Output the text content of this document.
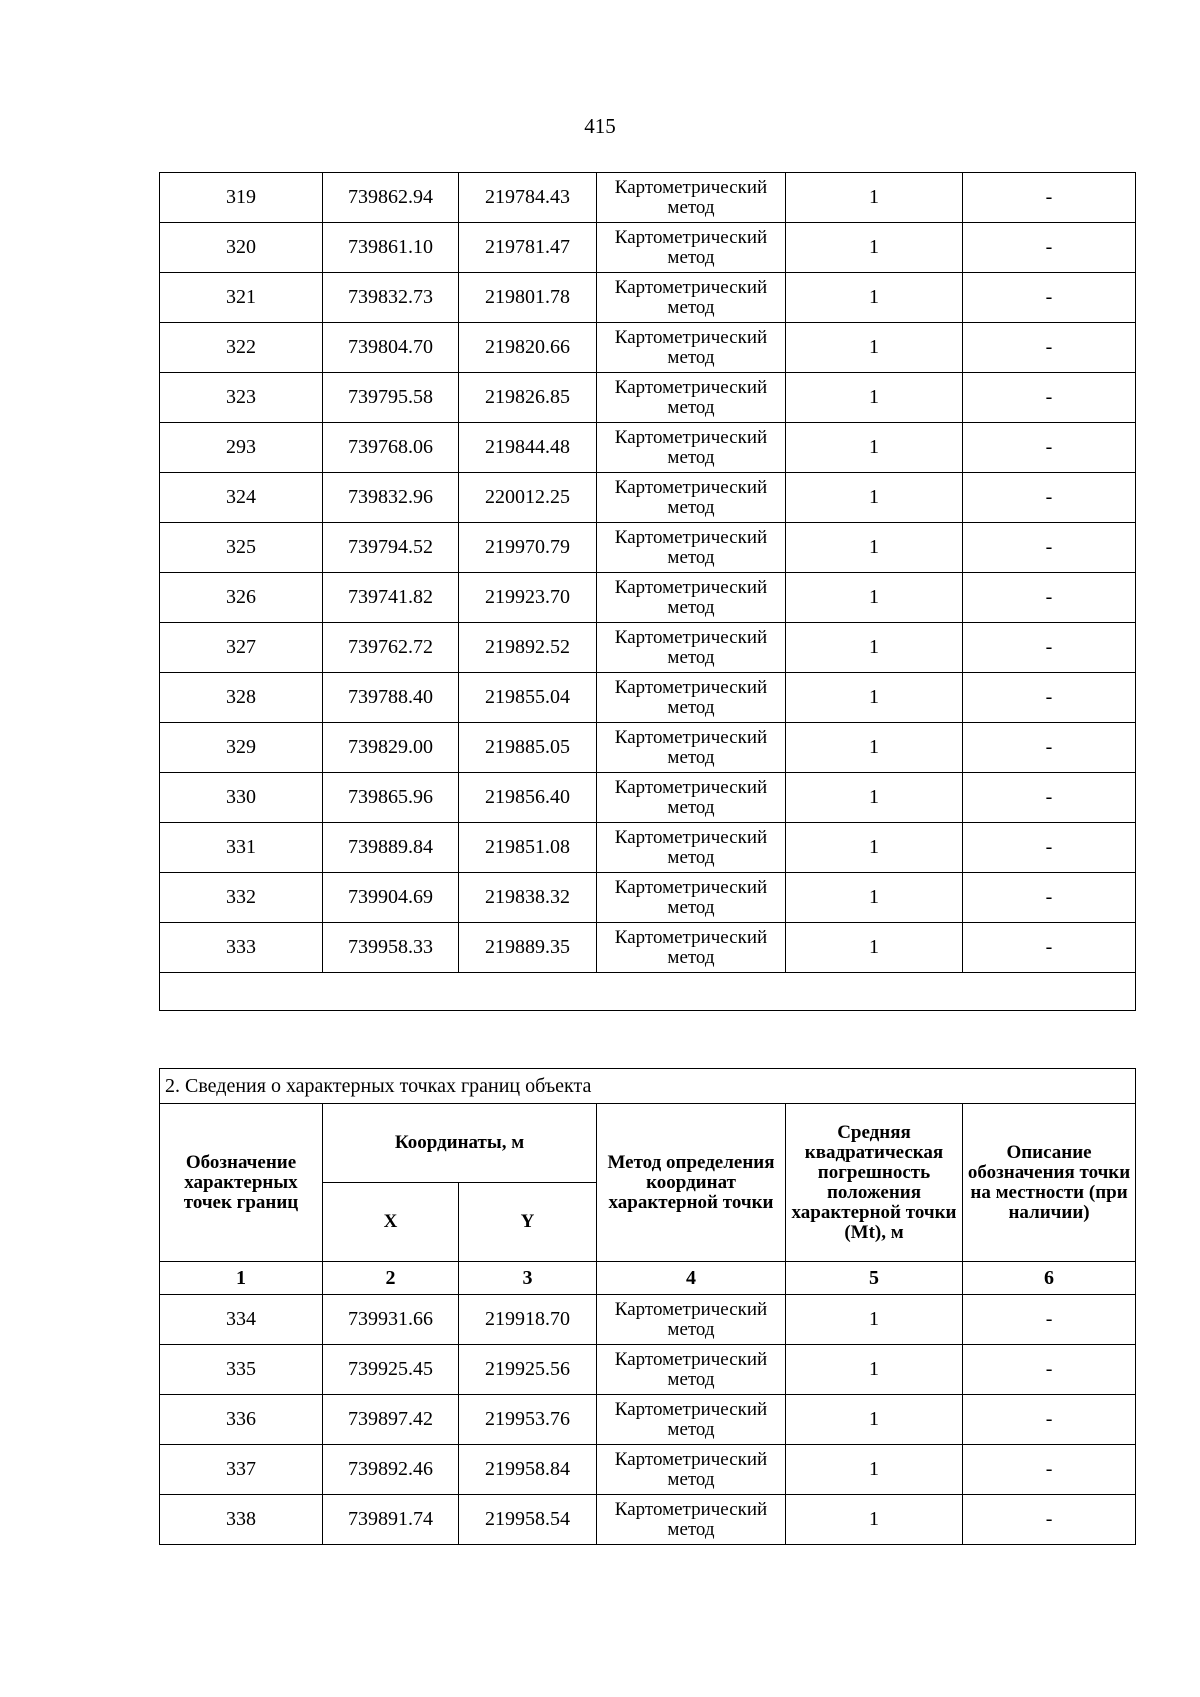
415
319	739862.94	219784.43	Картометрический метод	1	-
320	739861.10	219781.47	Картометрический метод	1	-
321	739832.73	219801.78	Картометрический метод	1	-
322	739804.70	219820.66	Картометрический метод	1	-
323	739795.58	219826.85	Картометрический метод	1	-
293	739768.06	219844.48	Картометрический метод	1	-
324	739832.96	220012.25	Картометрический метод	1	-
325	739794.52	219970.79	Картометрический метод	1	-
326	739741.82	219923.70	Картометрический метод	1	-
327	739762.72	219892.52	Картометрический метод	1	-
328	739788.40	219855.04	Картометрический метод	1	-
329	739829.00	219885.05	Картометрический метод	1	-
330	739865.96	219856.40	Картометрический метод	1	-
331	739889.84	219851.08	Картометрический метод	1	-
332	739904.69	219838.32	Картометрический метод	1	-
333	739958.33	219889.35	Картометрический метод	1	-

2. Сведения о характерных точках границ объекта					
Обозначение характерных точек границ	Координаты, м		Метод определения координат характерной точки	Средняя квадратическая погрешность положения характерной точки (Mt), м	Описание обозначения точки на местности (при наличии)
	X	Y			
1	2	3	4	5	6
334	739931.66	219918.70	Картометрический метод	1	-
335	739925.45	219925.56	Картометрический метод	1	-
336	739897.42	219953.76	Картометрический метод	1	-
337	739892.46	219958.84	Картометрический метод	1	-
338	739891.74	219958.54	Картометрический метод	1	-
